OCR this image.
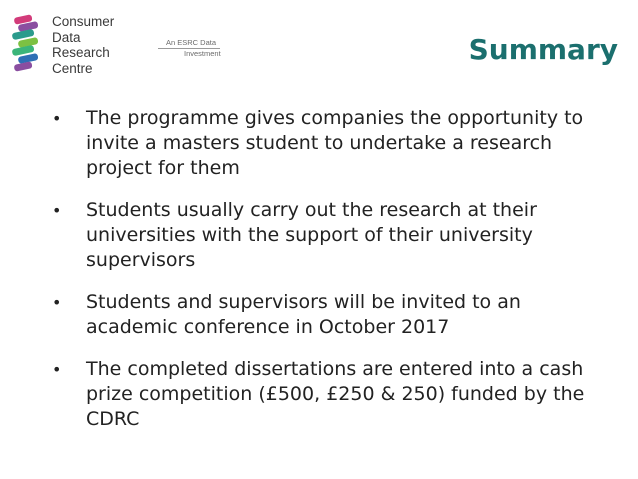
Consumer
Data
Research
Centre
An ESRC Data
Investment	Summary
• The programme gives companies the opportunity to invite a masters student to undertake a research project for them
• Students usually carry out the research at their universities with the support of their university supervisors
• Students and supervisors will be invited to an academic conference in October 2017
• The completed dissertations are entered into a cash prize competition (£500, £250 & 250) funded by the CDRC
